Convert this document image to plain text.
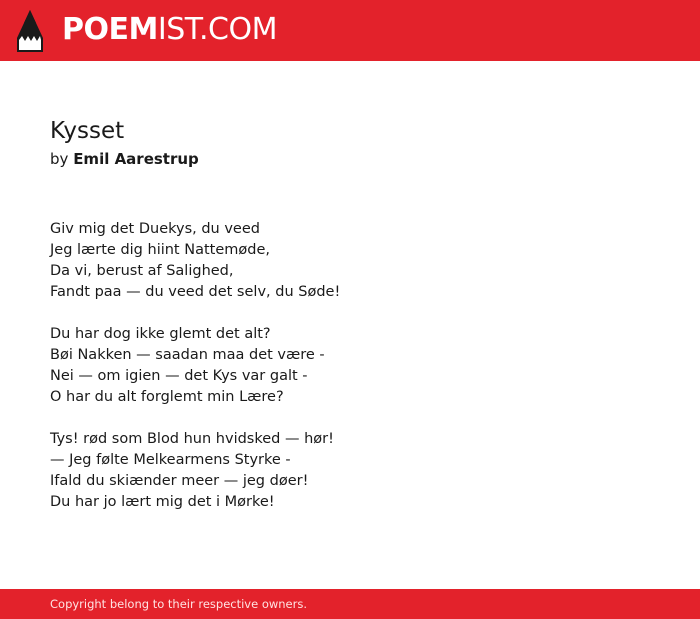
POEMIST.COM
Kysset
by Emil Aarestrup
Giv mig det Duekys, du veed
Jeg lærte dig hiint Nattemøde,
Da vi, berust af Salighed,
Fandt paa — du veed det selv, du Søde!
Du har dog ikke glemt det alt?
Bøi Nakken — saadan maa det være -
Nei — om igien — det Kys var galt -
O har du alt forglemt min Lære?
Tys! rød som Blod hun hvidsked — hør!
— Jeg følte Melkearmens Styrke -
Ifald du skiænder meer — jeg døer!
Du har jo lært mig det i Mørke!
Copyright belong to their respective owners.
